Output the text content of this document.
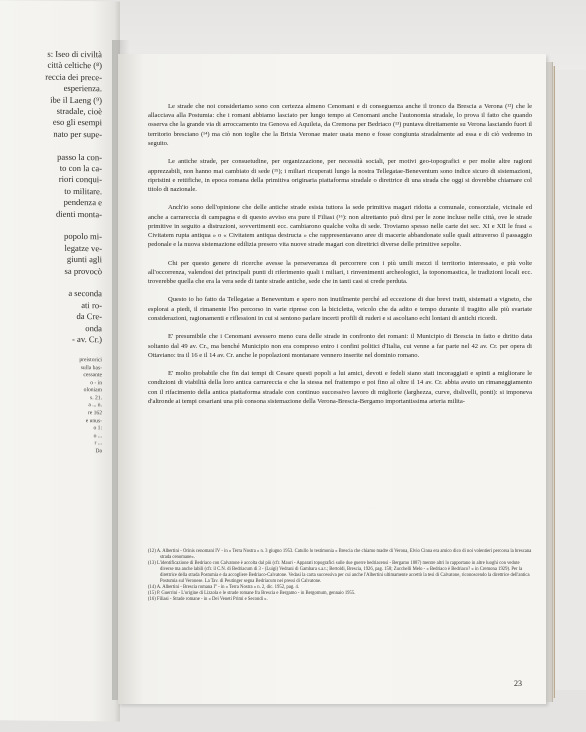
s: Iseo di civiltà
città celtiche (⁸)
reccia dei prece-
esperienza.
ibe il Laeng (⁹)
stradale, cioè
eso gli esempi
nato per supe-
passo la con-
to con la ca-
riori conqui-
to militare.
pendenza e
dienti monta-
popolo mi-
legatze ve-
giunti agli
sa provocò
a seconda
ati ro-
da Cre-
onda
- av. Cr.)
preistorici
sulla bas-
cessante
o - in
oloniam
s. 21.
a ... n.
re 162
e unus-
o 1:
o ...
r ...
Da

Le strade che noi consideriamo sono con certezza almeno Cenomani e di conseguenza anche il tronco da Brescia a Verona (¹²) che le allacciava alla Postumia: che i romani abbiamo lasciato per lungo tempo ai Cenomani anche l'autonomia stradale, lo prova il fatto che quando osserva che la grande via di arroccamento tra Genova ed Aquileia, da Cremona per Bedriaco (¹³) puntava direttamente su Verona lasciando fuori il territorio bresciano (¹⁴) ma ciò non toglie che la Brixia Veronae mater usata meno e fosse congiunta stradalmente ad essa e di ciò vedremo in seguito.

Le antiche strade, per consuetudine, per organizzazione, per necessità sociali, per motivi geo-topografici e per molte altre ragioni apprezzabili, non hanno mai cambiato di sede (¹⁵); i miliari ricuperati lungo la nostra Tellegatae-Beneventum sono indice sicuro di sistemazioni, ripristini e rettifiche, in epoca romana della primitiva originaria piattaforma stradale o direttrice di una strada che oggi si dovrebbe chiamare col titolo di nazionale.

Anch'io sono dell'opinione che delle antiche strade esista tuttora la sede primitiva magari ridotta a comunale, consorziale, vicinale ed anche a carrareccia di campagna e di questo avviso era pure il Filiasi (¹⁶): non altrettanto può dirsi per le zone incluse nelle città, ove le strade primitive in seguito a distruzioni, sovvertimenti ecc. cambiarono qualche volta di sede. Troviamo spesso nelle carte dei sec. XI e XII le frasi « Civitatem rupta antiqua » o « Civitatem antiqua destructa » che rappresentavano aree di macerie abbandonate sulle quali attraverso il passaggio pedonale e la nuova sistemazione edilizia presero vita nuove strade magari con direttrici diverse delle primitive sepolte.

Chi per questo genere di ricerche avesse la perseveranza di percorrere con i più umili mezzi il territorio interessato, e più volte all'occorrenza, valendosi dei principali punti di riferimento quali i miliari, i rinvenimenti archeologici, la toponomastica, le tradizioni locali ecc. troverebbe quella che era la vera sede di tante strade antiche, sede che in tanti casi si crede perduta.

Questo io ho fatto da Tellegatae a Beneventum e spero non inutilmente perché ad eccezione di due brevi tratti, sistemati a vigneto, che esplorai a piedi, il rimanente l'ho percorso in varie riprese con la bicicletta, veicolo che da adito e tempo durante il tragitto alle più svariate considerazioni, ragionamenti e riflessioni in cui si sentono parlare incerti profili di ruderi e si ascoltano echi lontani di antichi ricordi.

E' presumibile che i Cenomani avessero meno cura delle strade in confronto dei romani: il Municipio di Brescia in fatto e diritto data soltanto dal 49 av. Cr., ma benché Municipio non era compreso entro i confini politici d'Italia, cui venne a far parte nel 42 av. Cr. per opera di Ottaviano: tra il 16 e il 14 av. Cr. anche le popolazioni montanare vennero inserite nel dominio romano.

E' molto probabile che fin dai tempi di Cesare questi popoli a lui amici, devoti e fedeli siano stati incoraggiati e spinti a migliorare le condizioni di viabilità della loro antica carrareccia e che la stessa nel frattempo e poi fino al oltre il 14 av. Cr. abbia avuto un rimaneggiamento con il rifacimento della antica piattaforma stradale con continuo successivo lavoro di migliorie (larghezza, curve, dislivelli, ponti): si imponeva d'altronde ai tempi cesariani una più consona sistemazione della Verona-Brescia-Bergamo importantissima arteria milita-

(12) A. Albertini - Orinis cenomani IV - in « Terra Nostra » n. 3 giugno 1953. Catullo lo testimonia « Brescia che chiamo madre di Verona, Elvio Cinna era amico dico di noi volentieri percorsa la brescana strada cenomane».

(13) L'identificazione di Bedriaco con Calvatone è accolta dal più (cfr. Mauri - Apparati topografici sulle due guerre bedriacensi - Bergamo 1887) mentre altri lo rapportano in altre luoghi con vedute diverse ma anche labili (cfr. il C.N. di Bedriacum di 3 - (Luigi) Vedrani di Gambara s.a.t.; Bertoldi, Brescia, 1926, pag. 158; Zucchelli Melo - « Bedriaco è Bedriaco? » in Cremona 1929). Per la direttrice della strada Postumia e da accogliere Bedriaco-Calvatone. Vedasi la carta successiva per cui anche l'Albertini ultimamente accettò la tesi di Calvatone, riconoscendo la direttrice dell'antica Postumia sul Veronese. La Tav. di Peutinger segna Bedriacum nei pressi di Calvatone.

(14) A. Albertini - Brescia romana I° - in « Terra Nostra » n. 2, dic. 1952, pag. 4.

(15) P. Guerrini - L'origine di Lizzola e le strade romane fra Brescia e Bergamo - in Bergomum, gennaio 1955.

(16) Filiasi - Strade romane - in « Dei Veneti Primi e Secondi ».

23
